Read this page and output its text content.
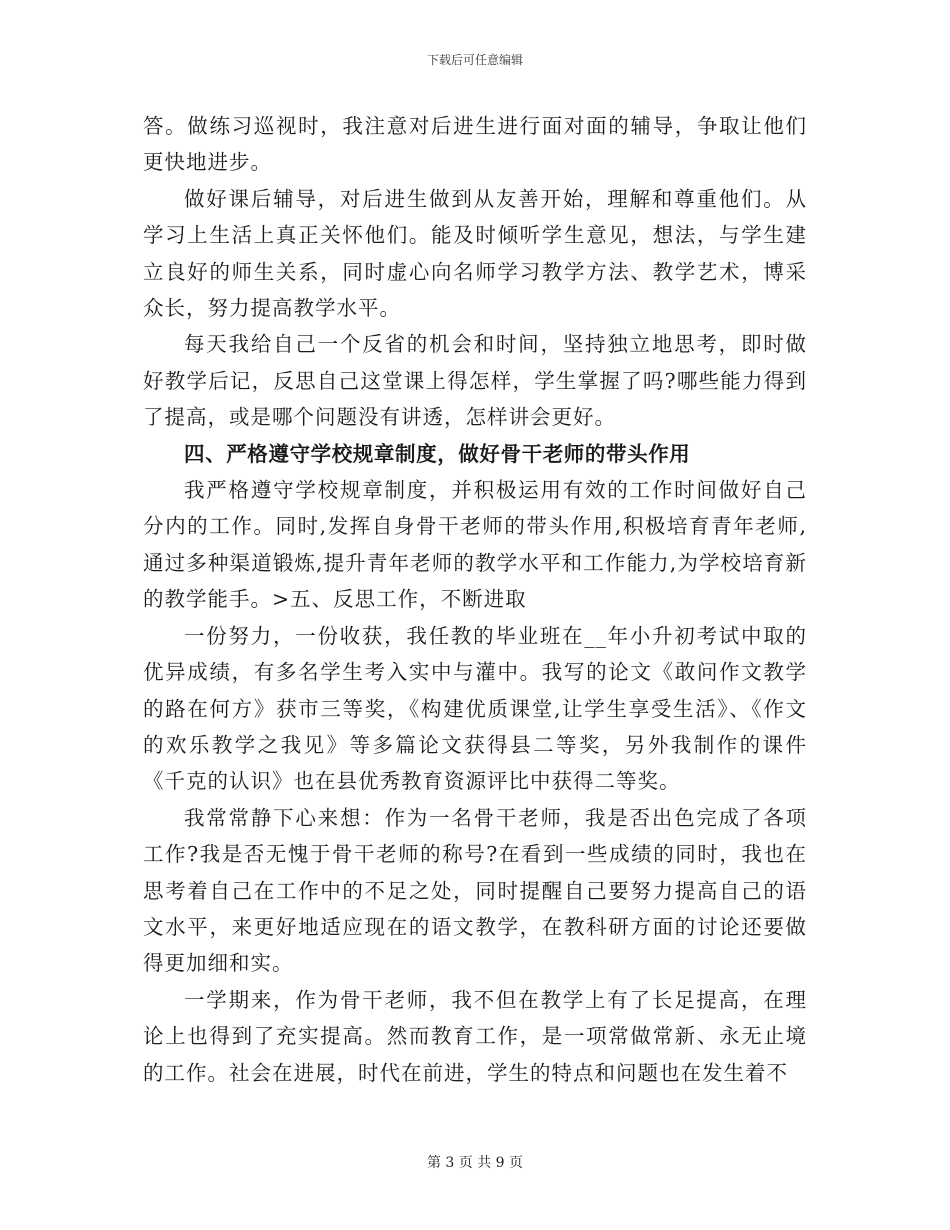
下载后可任意编辑

答。做练习巡视时，我注意对后进生进行面对面的辅导，争取让他们更快地进步。

做好课后辅导，对后进生做到从友善开始，理解和尊重他们。从学习上生活上真正关怀他们。能及时倾听学生意见，想法，与学生建立良好的师生关系，同时虚心向名师学习教学方法、教学艺术，博采众长，努力提高教学水平。

每天我给自己一个反省的机会和时间，坚持独立地思考，即时做好教学后记，反思自己这堂课上得怎样，学生掌握了吗?哪些能力得到了提高，或是哪个问题没有讲透，怎样讲会更好。

四、严格遵守学校规章制度，做好骨干老师的带头作用

我严格遵守学校规章制度，并积极运用有效的工作时间做好自己分内的工作。同时,发挥自身骨干老师的带头作用,积极培育青年老师,通过多种渠道锻炼,提升青年老师的教学水平和工作能力,为学校培育新的教学能手。>五、反思工作，不断进取

一份努力，一份收获，我任教的毕业班在__年小升初考试中取的优异成绩，有多名学生考入实中与灌中。我写的论文《敢问作文教学的路在何方》获市三等奖，《构建优质课堂,让学生享受生活》、《作文的欢乐教学之我见》等多篇论文获得县二等奖，另外我制作的课件《千克的认识》也在县优秀教育资源评比中获得二等奖。

我常常静下心来想：作为一名骨干老师，我是否出色完成了各项工作?我是否无愧于骨干老师的称号?在看到一些成绩的同时，我也在思考着自己在工作中的不足之处，同时提醒自己要努力提高自己的语文水平，来更好地适应现在的语文教学，在教科研方面的讨论还要做得更加细和实。

一学期来，作为骨干老师，我不但在教学上有了长足提高，在理论上也得到了充实提高。然而教育工作，是一项常做常新、永无止境的工作。社会在进展，时代在前进，学生的特点和问题也在发生着不

第 3 页 共 9 页
